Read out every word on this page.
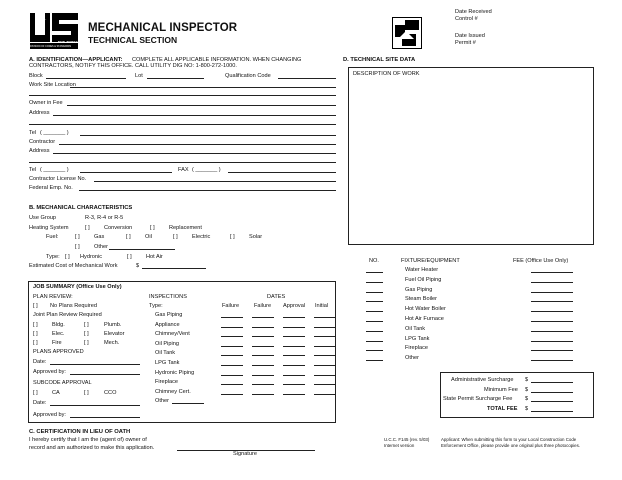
NEW JERSEY
DIVISION OF CODES & STANDARDS
UCC
MECHANICAL INSPECTOR
TECHNICAL SECTION
Date Received
Control #
Date Issued
Permit #
A. IDENTIFICATION—APPLICANT: COMPLETE ALL APPLICABLE INFORMATION. WHEN CHANGING
CONTRACTORS, NOTIFY THIS OFFICE. CALL UTILITY DIG NO: 1-800-272-1000.
Block	Lot	Qualification Code
Work Site Location
Owner in Fee
Address
Tel ( _______ )
Contractor
Address
Tel ( _______ )	FAX ( _______ )
Contractor License No.
Federal Emp. No.
B. MECHANICAL CHARACTERISTICS
Use Group	R-3, R-4 or R-5
Heating System	[ ]	Conversion	[ ]	Replacement
Fuel:	[ ]	Gas	[ ]	Oil	[ ]	Electric	[ ]	Solar
[ ]	Other
Type: [ ] Hydronic	[ ]	Hot Air
Estimated Cost of Mechanical Work	$
JOB SUMMARY (Office Use Only)
PLAN REVIEW:
[ ] No Plans Required
Joint Plan Review Required
[ ]	Bldg.	[ ]	Plumb.
[ ]	Elec.	[ ]	Elevator
[ ]	Fire	[ ]	Mech.
PLANS APPROVED
Date:
Approved by:
SUBCODE APPROVAL
[ ]	CA	[ ]	CCO
Date:
Approved by:
INSPECTIONS	DATES
Type:	Failure	Failure Approval Initial
Gas Piping
Appliance
Chimney/Vent
Oil Piping
Oil Tank
LPG Tank
Hydronic Piping
Fireplace
Chimney Cert.
Other
C. CERTIFICATION IN LIEU OF OATH
I hereby certify that I am the (agent of) owner of
record and am authorized to make this application.
Signature
D. TECHNICAL SITE DATA
DESCRIPTION OF WORK
NO.	FIXTURE/EQUIPMENT	FEE (Office Use Only)
Water Heater
Fuel Oil Piping
Gas Piping
Steam Boiler
Hot Water Boiler
Hot Air Furnace
Oil Tank
LPG Tank
Fireplace
Other
Administrative Surcharge $
Minimum Fee $
State Permit Surcharge Fee $
TOTAL FEE $
U.C.C. F145 (rev. 5/03)
Internet version
Applicant: When submitting this form to your Local Construction Code
Enforcement Office, please provide one original plus three photocopies.
